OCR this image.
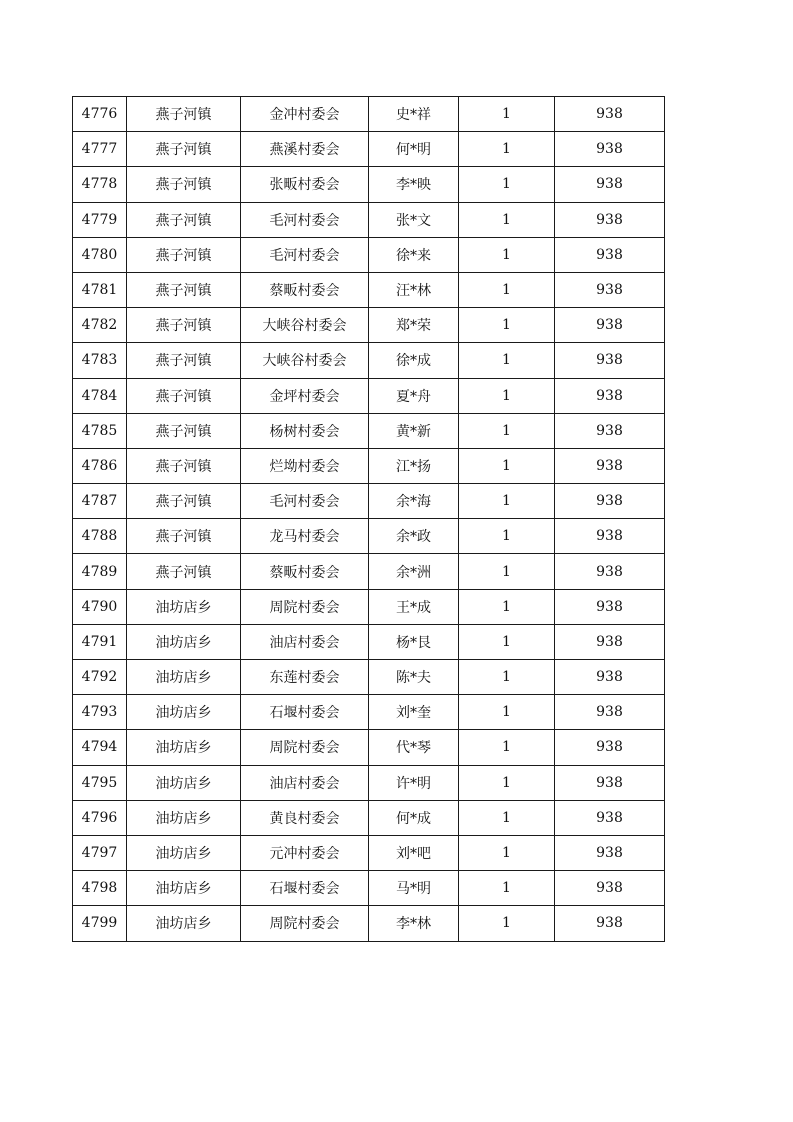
4776	燕子河镇	金冲村委会	史*祥	1	938
4777	燕子河镇	燕溪村委会	何*明	1	938
4778	燕子河镇	张畈村委会	李*映	1	938
4779	燕子河镇	毛河村委会	张*文	1	938
4780	燕子河镇	毛河村委会	徐*来	1	938
4781	燕子河镇	蔡畈村委会	汪*林	1	938
4782	燕子河镇	大峡谷村委会	郑*荣	1	938
4783	燕子河镇	大峡谷村委会	徐*成	1	938
4784	燕子河镇	金坪村委会	夏*舟	1	938
4785	燕子河镇	杨树村委会	黄*新	1	938
4786	燕子河镇	烂坳村委会	江*扬	1	938
4787	燕子河镇	毛河村委会	余*海	1	938
4788	燕子河镇	龙马村委会	余*政	1	938
4789	燕子河镇	蔡畈村委会	余*洲	1	938
4790	油坊店乡	周院村委会	王*成	1	938
4791	油坊店乡	油店村委会	杨*艮	1	938
4792	油坊店乡	东莲村委会	陈*夫	1	938
4793	油坊店乡	石堰村委会	刘*奎	1	938
4794	油坊店乡	周院村委会	代*琴	1	938
4795	油坊店乡	油店村委会	许*明	1	938
4796	油坊店乡	黄良村委会	何*成	1	938
4797	油坊店乡	元冲村委会	刘*吧	1	938
4798	油坊店乡	石堰村委会	马*明	1	938
4799	油坊店乡	周院村委会	李*林	1	938
